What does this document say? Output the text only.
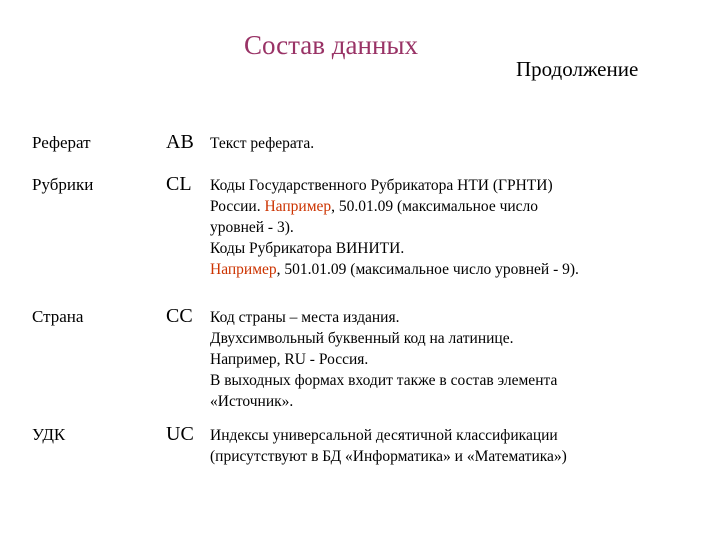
Состав данных
Продолжение
Реферат	AB Текст реферата.
Рубрики	CL Коды Государственного Рубрикатора НТИ (ГРНТИ)
России. Например, 50.01.09 (максимальное число
уровней - 3).
Коды Рубрикатора ВИНИТИ.
Например, 501.01.09 (максимальное число уровней - 9).
Страна	CC Код страны – места издания.
Двухсимвольный буквенный код на латинице.
Например, RU - Россия.
В выходных формах входит также в состав элемента
«Источник».
УДК	UC Индексы универсальной десятичной классификации
(присутствуют в БД «Информатика» и «Математика»)
